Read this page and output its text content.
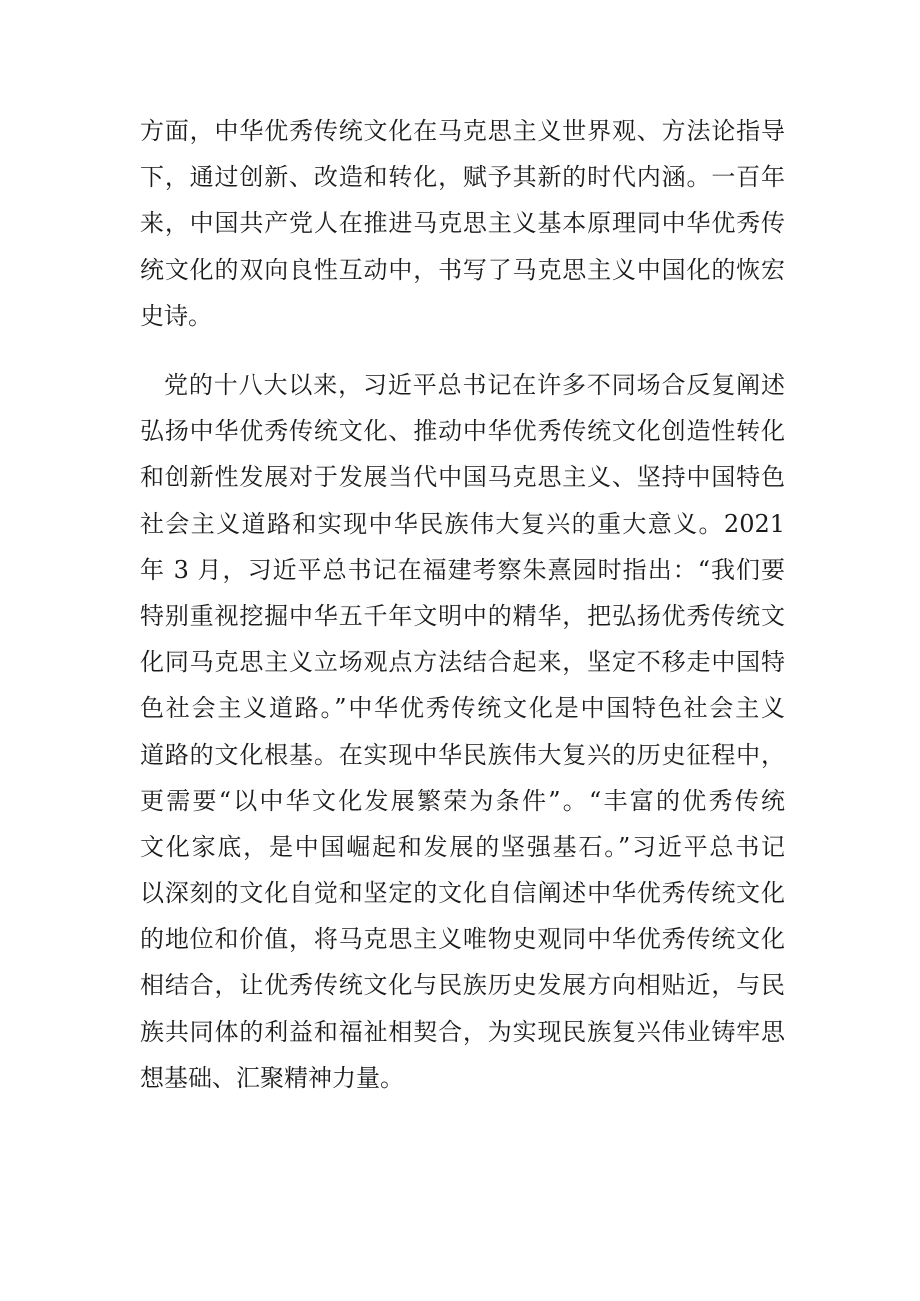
方面，中华优秀传统文化在马克思主义世界观、方法论指导
下，通过创新、改造和转化，赋予其新的时代内涵。一百年
来，中国共产党人在推进马克思主义基本原理同中华优秀传
统文化的双向良性互动中，书写了马克思主义中国化的恢宏
史诗。

党的十八大以来，习近平总书记在许多不同场合反复阐述
弘扬中华优秀传统文化、推动中华优秀传统文化创造性转化
和创新性发展对于发展当代中国马克思主义、坚持中国特色
社会主义道路和实现中华民族伟大复兴的重大意义。2021
年 3 月，习近平总书记在福建考察朱熹园时指出：“我们要
特别重视挖掘中华五千年文明中的精华，把弘扬优秀传统文
化同马克思主义立场观点方法结合起来，坚定不移走中国特
色社会主义道路。”中华优秀传统文化是中国特色社会主义
道路的文化根基。在实现中华民族伟大复兴的历史征程中，
更需要“以中华文化发展繁荣为条件”。“丰富的优秀传统
文化家底，是中国崛起和发展的坚强基石。”习近平总书记
以深刻的文化自觉和坚定的文化自信阐述中华优秀传统文化
的地位和价值，将马克思主义唯物史观同中华优秀传统文化
相结合，让优秀传统文化与民族历史发展方向相贴近，与民
族共同体的利益和福祉相契合，为实现民族复兴伟业铸牢思
想基础、汇聚精神力量。
